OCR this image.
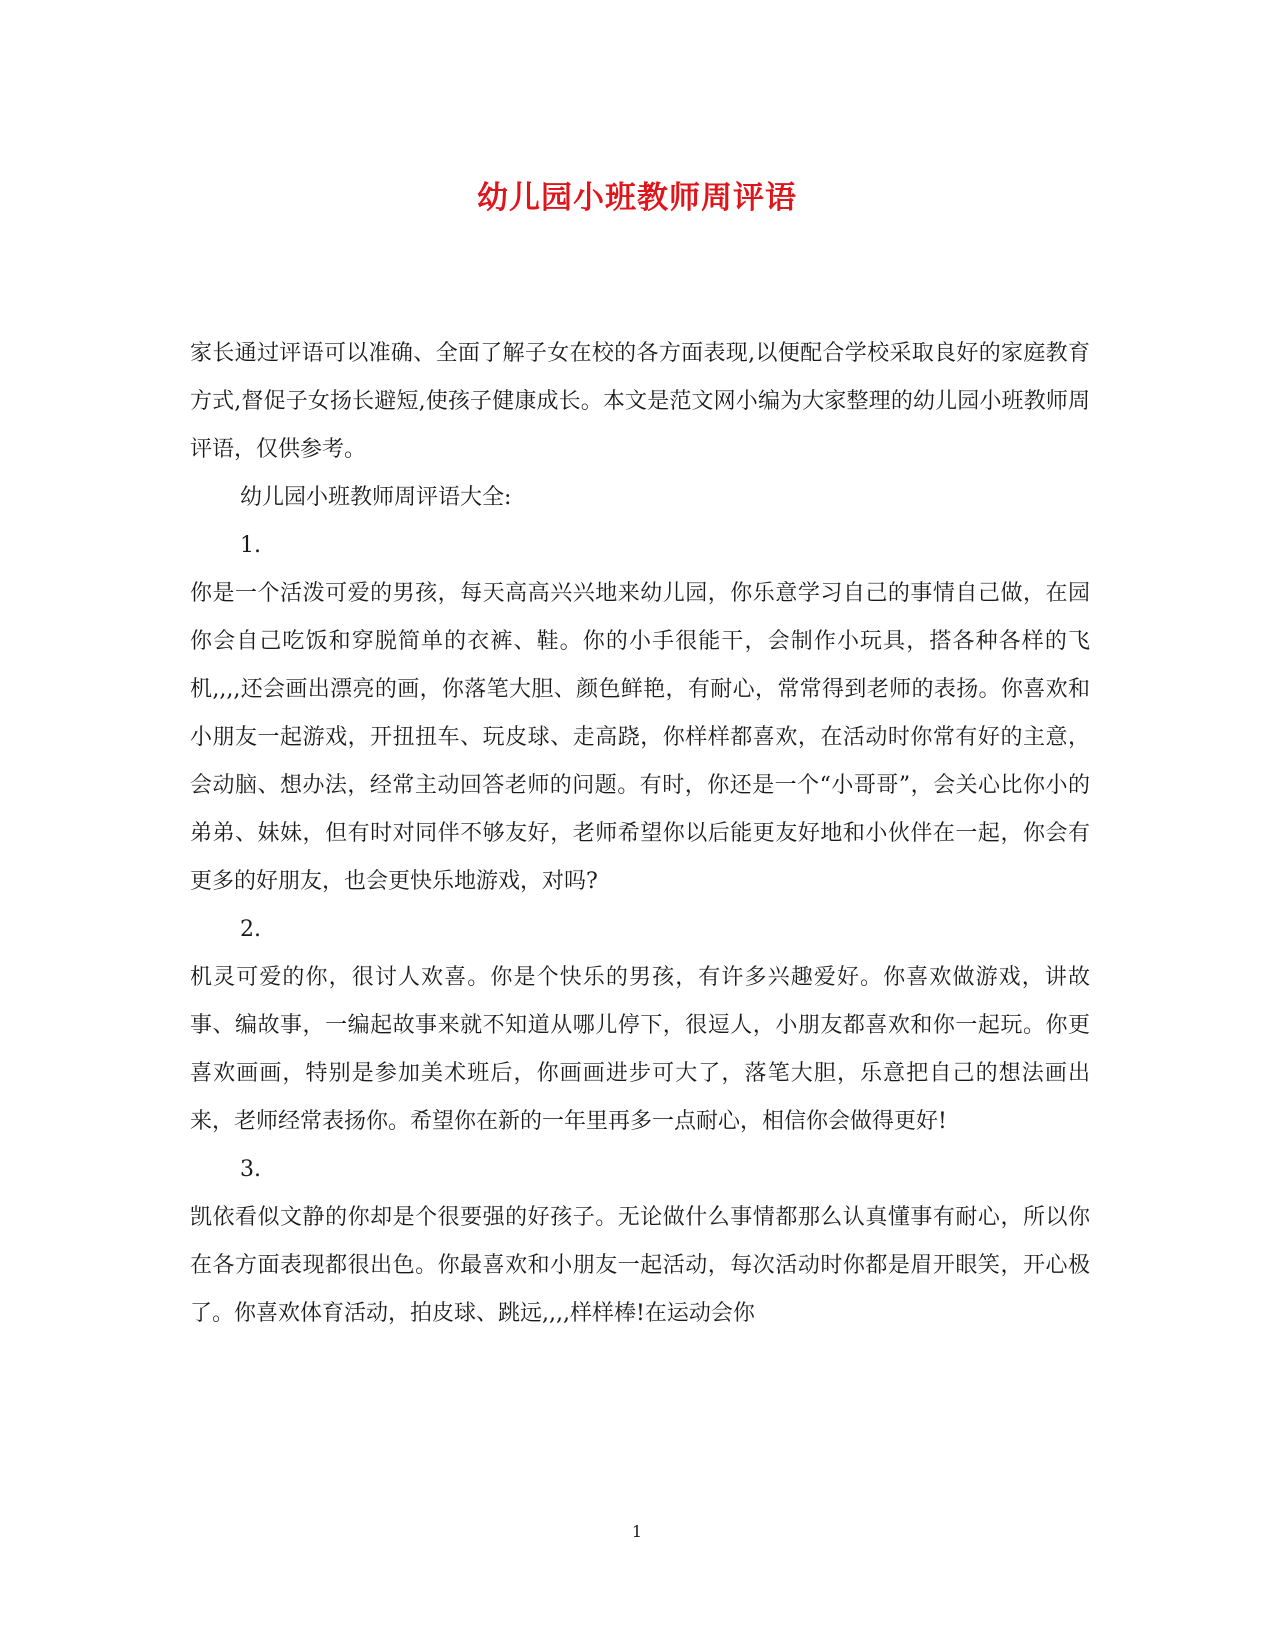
幼儿园小班教师周评语

家长通过评语可以准确、全面了解子女在校的各方面表现,以便配合学校采取良好的家庭教育方式,督促子女扬长避短,使孩子健康成长。本文是范文网小编为大家整理的幼儿园小班教师周评语，仅供参考。

幼儿园小班教师周评语大全:

1.

你是一个活泼可爱的男孩，每天高高兴兴地来幼儿园，你乐意学习自己的事情自己做，在园你会自己吃饭和穿脱简单的衣裤、鞋。你的小手很能干，会制作小玩具，搭各种各样的飞机,,,,还会画出漂亮的画，你落笔大胆、颜色鲜艳，有耐心，常常得到老师的表扬。你喜欢和小朋友一起游戏，开扭扭车、玩皮球、走高跷，你样样都喜欢，在活动时你常有好的主意，会动脑、想办法，经常主动回答老师的问题。有时，你还是一个“小哥哥”，会关心比你小的弟弟、妹妹，但有时对同伴不够友好，老师希望你以后能更友好地和小伙伴在一起，你会有更多的好朋友，也会更快乐地游戏，对吗?

2.

机灵可爱的你，很讨人欢喜。你是个快乐的男孩，有许多兴趣爱好。你喜欢做游戏，讲故事、编故事，一编起故事来就不知道从哪儿停下，很逗人，小朋友都喜欢和你一起玩。你更喜欢画画，特别是参加美术班后，你画画进步可大了，落笔大胆，乐意把自己的想法画出来，老师经常表扬你。希望你在新的一年里再多一点耐心，相信你会做得更好!

3.

凯依看似文静的你却是个很要强的好孩子。无论做什么事情都那么认真懂事有耐心，所以你在各方面表现都很出色。你最喜欢和小朋友一起活动，每次活动时你都是眉开眼笑，开心极了。你喜欢体育活动，拍皮球、跳远,,,,样样棒!在运动会你

1
